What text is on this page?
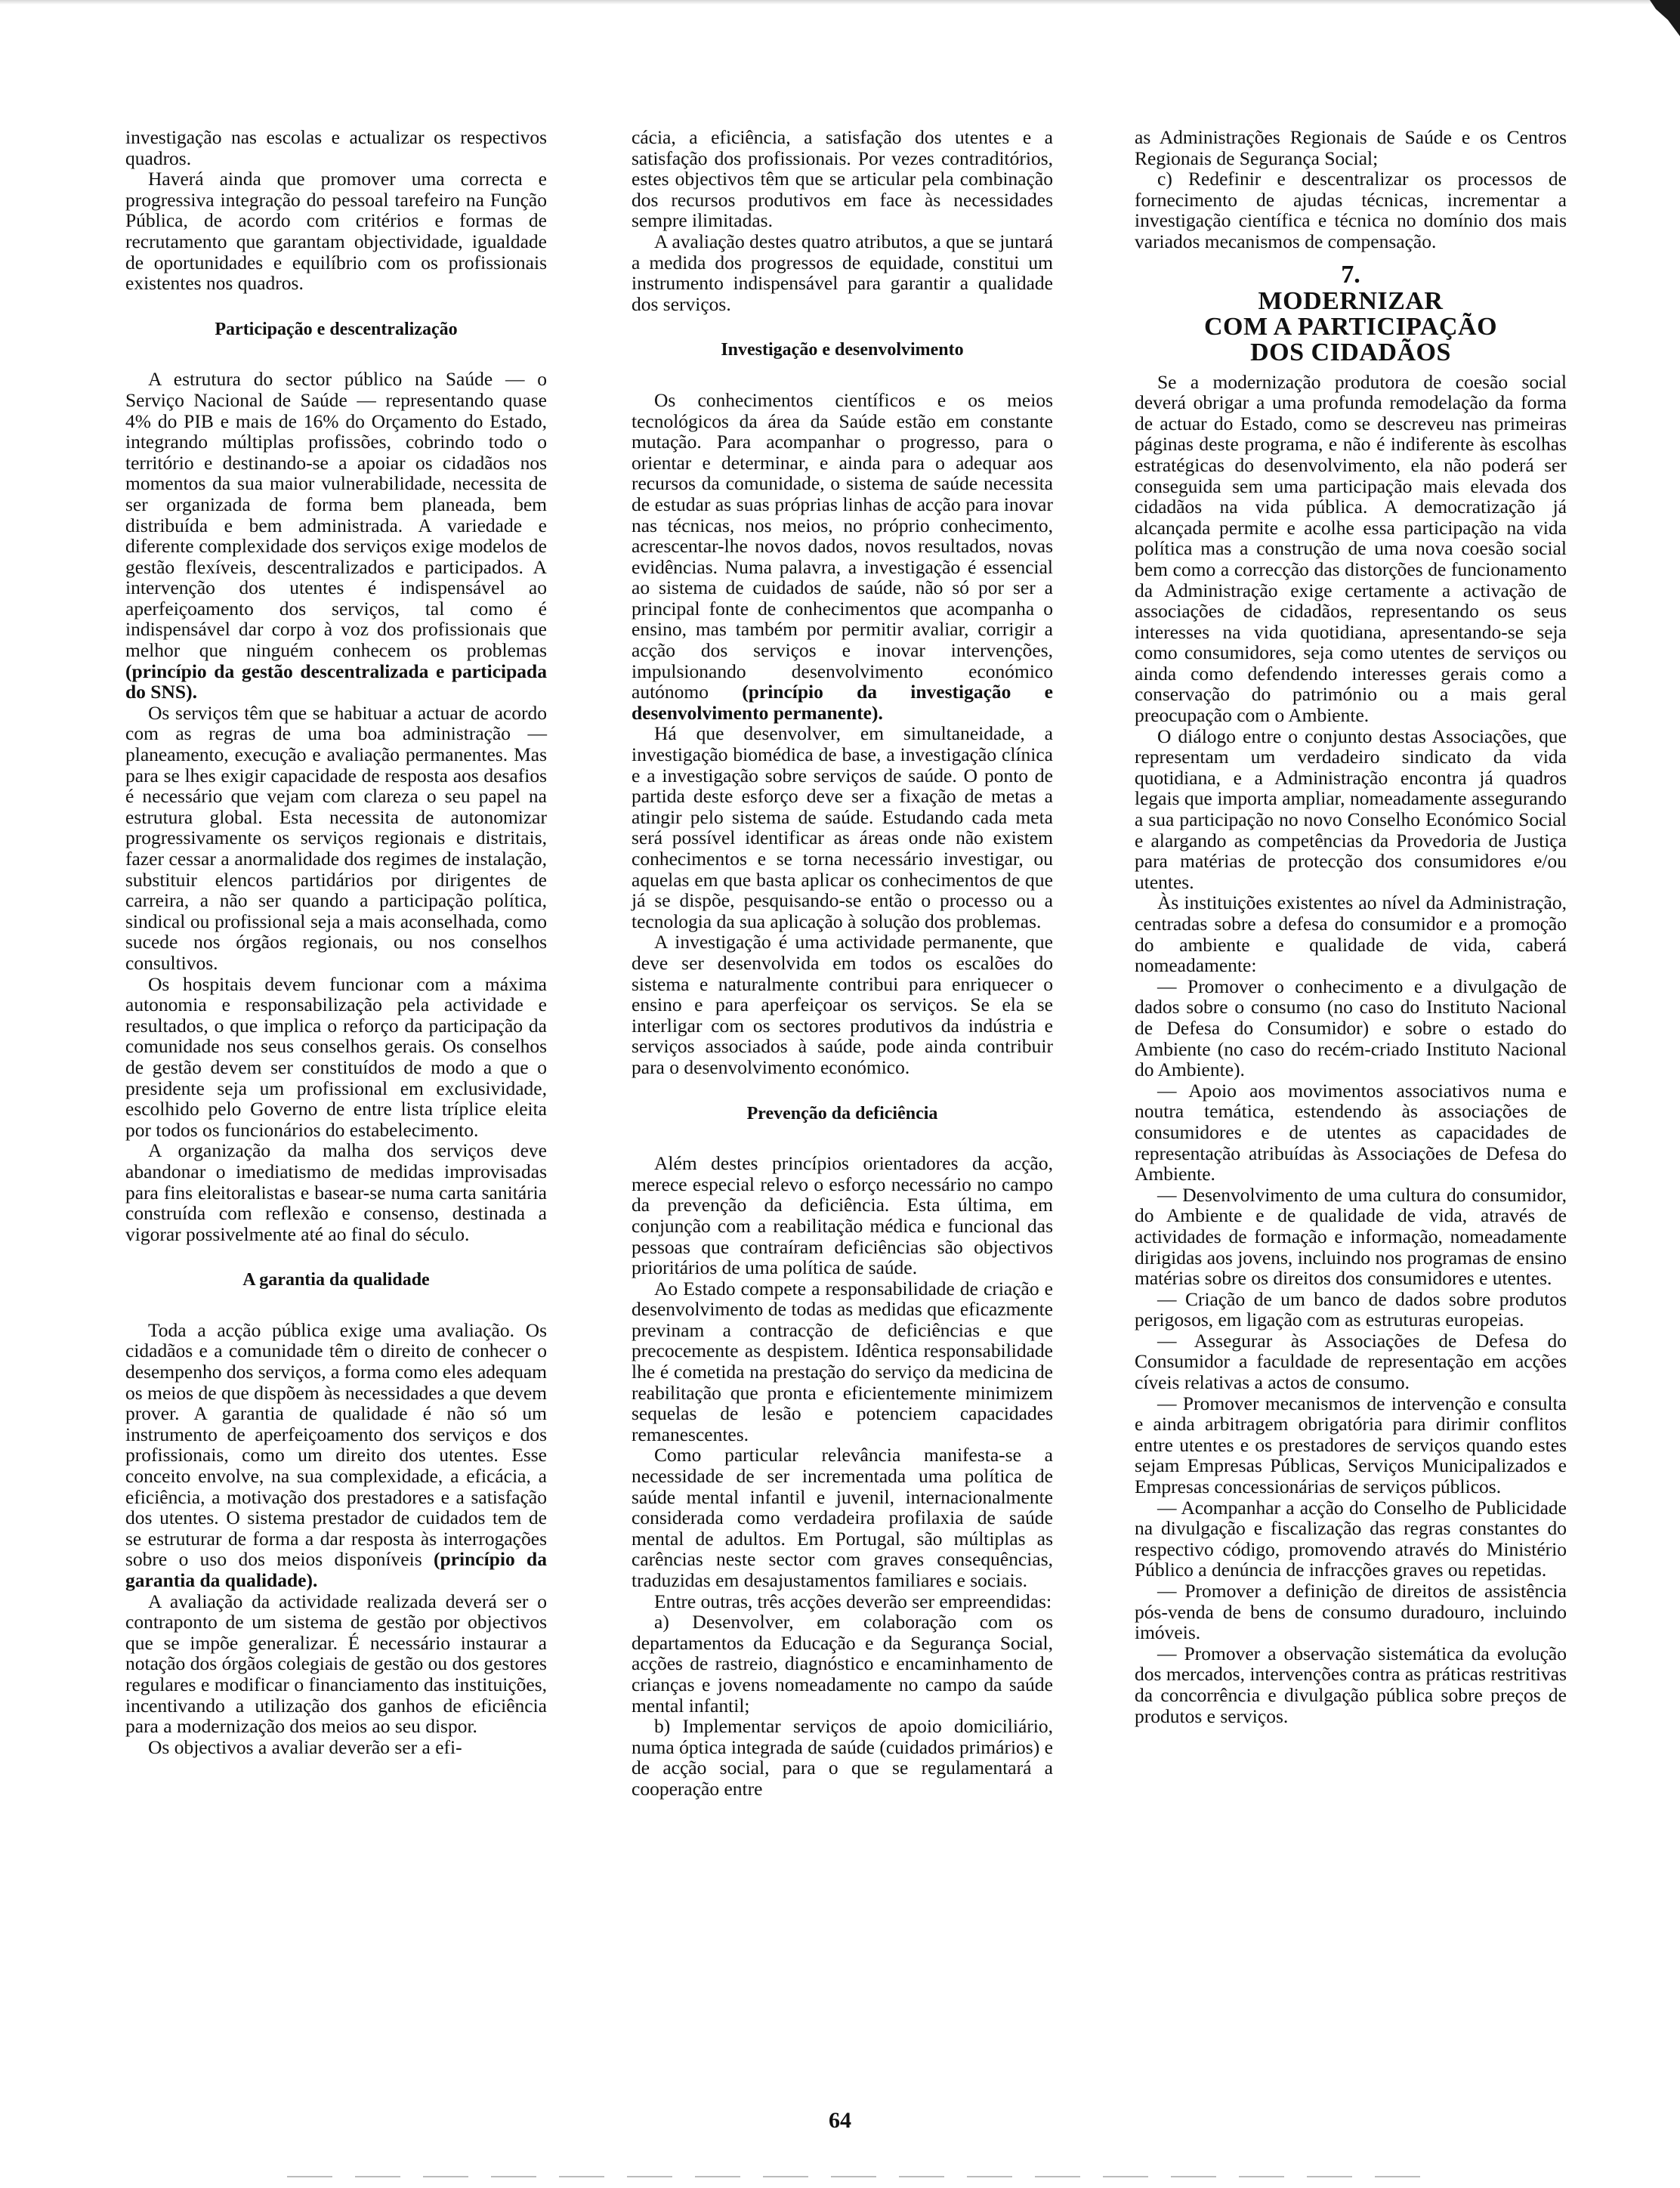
investigação nas escolas e actualizar os respectivos quadros.

Haverá ainda que promover uma correcta e progressiva integração do pessoal tarefeiro na Função Pública, de acordo com critérios e formas de recrutamento que garantam objectividade, igualdade de oportunidades e equilíbrio com os profissionais existentes nos quadros.

Participação e descentralização

A estrutura do sector público na Saúde — o Serviço Nacional de Saúde — representando quase 4% do PIB e mais de 16% do Orçamento do Estado, integrando múltiplas profissões, cobrindo todo o território e destinando-se a apoiar os cidadãos nos momentos da sua maior vulnerabilidade, necessita de ser organizada de forma bem planeada, bem distribuída e bem administrada. A variedade e diferente complexidade dos serviços exige modelos de gestão flexíveis, descentralizados e participados. A intervenção dos utentes é indispensável ao aperfeiçoamento dos serviços, tal como é indispensável dar corpo à voz dos profissionais que melhor que ninguém conhecem os problemas (princípio da gestão descentralizada e participada do SNS).

Os serviços têm que se habituar a actuar de acordo com as regras de uma boa administração — planeamento, execução e avaliação permanentes. Mas para se lhes exigir capacidade de resposta aos desafios é necessário que vejam com clareza o seu papel na estrutura global. Esta necessita de autonomizar progressivamente os serviços regionais e distritais, fazer cessar a anormalidade dos regimes de instalação, substituir elencos partidários por dirigentes de carreira, a não ser quando a participação política, sindical ou profissional seja a mais aconselhada, como sucede nos órgãos regionais, ou nos conselhos consultivos.

Os hospitais devem funcionar com a máxima autonomia e responsabilização pela actividade e resultados, o que implica o reforço da participação da comunidade nos seus conselhos gerais. Os conselhos de gestão devem ser constituídos de modo a que o presidente seja um profissional em exclusividade, escolhido pelo Governo de entre lista tríplice eleita por todos os funcionários do estabelecimento.

A organização da malha dos serviços deve abandonar o imediatismo de medidas improvisadas para fins eleitoralistas e basear-se numa carta sanitária construída com reflexão e consenso, destinada a vigorar possivelmente até ao final do século.

A garantia da qualidade

Toda a acção pública exige uma avaliação. Os cidadãos e a comunidade têm o direito de conhecer o desempenho dos serviços, a forma como eles adequam os meios de que dispõem às necessidades a que devem prover. A garantia de qualidade é não só um instrumento de aperfeiçoamento dos serviços e dos profissionais, como um direito dos utentes. Esse conceito envolve, na sua complexidade, a eficácia, a eficiência, a motivação dos prestadores e a satisfação dos utentes. O sistema prestador de cuidados tem de se estruturar de forma a dar resposta às interrogações sobre o uso dos meios disponíveis (princípio da garantia da qualidade).

A avaliação da actividade realizada deverá ser o contraponto de um sistema de gestão por objectivos que se impõe generalizar. É necessário instaurar a notação dos órgãos colegiais de gestão ou dos gestores regulares e modificar o financiamento das instituições, incentivando a utilização dos ganhos de eficiência para a modernização dos meios ao seu dispor.

Os objectivos a avaliar deverão ser a efi-

cácia, a eficiência, a satisfação dos utentes e a satisfação dos profissionais. Por vezes contraditórios, estes objectivos têm que se articular pela combinação dos recursos produtivos em face às necessidades sempre ilimitadas.

A avaliação destes quatro atributos, a que se juntará a medida dos progressos de equidade, constitui um instrumento indispensável para garantir a qualidade dos serviços.

Investigação e desenvolvimento

Os conhecimentos científicos e os meios tecnológicos da área da Saúde estão em constante mutação. Para acompanhar o progresso, para o orientar e determinar, e ainda para o adequar aos recursos da comunidade, o sistema de saúde necessita de estudar as suas próprias linhas de acção para inovar nas técnicas, nos meios, no próprio conhecimento, acrescentar-lhe novos dados, novos resultados, novas evidências. Numa palavra, a investigação é essencial ao sistema de cuidados de saúde, não só por ser a principal fonte de conhecimentos que acompanha o ensino, mas também por permitir avaliar, corrigir a acção dos serviços e inovar intervenções, impulsionando desenvolvimento económico autónomo (princípio da investigação e desenvolvimento permanente).

Há que desenvolver, em simultaneidade, a investigação biomédica de base, a investigação clínica e a investigação sobre serviços de saúde. O ponto de partida deste esforço deve ser a fixação de metas a atingir pelo sistema de saúde. Estudando cada meta será possível identificar as áreas onde não existem conhecimentos e se torna necessário investigar, ou aquelas em que basta aplicar os conhecimentos de que já se dispõe, pesquisando-se então o processo ou a tecnologia da sua aplicação à solução dos problemas.

A investigação é uma actividade permanente, que deve ser desenvolvida em todos os escalões do sistema e naturalmente contribui para enriquecer o ensino e para aperfeiçoar os serviços. Se ela se interligar com os sectores produtivos da indústria e serviços associados à saúde, pode ainda contribuir para o desenvolvimento económico.

Prevenção da deficiência

Além destes princípios orientadores da acção, merece especial relevo o esforço necessário no campo da prevenção da deficiência. Esta última, em conjunção com a reabilitação médica e funcional das pessoas que contraíram deficiências são objectivos prioritários de uma política de saúde.

Ao Estado compete a responsabilidade de criação e desenvolvimento de todas as medidas que eficazmente previnam a contracção de deficiências e que precocemente as despistem. Idêntica responsabilidade lhe é cometida na prestação do serviço da medicina de reabilitação que pronta e eficientemente minimizem sequelas de lesão e potenciem capacidades remanescentes.

Como particular relevância manifesta-se a necessidade de ser incrementada uma política de saúde mental infantil e juvenil, internacionalmente considerada como verdadeira profilaxia de saúde mental de adultos. Em Portugal, são múltiplas as carências neste sector com graves consequências, traduzidas em desajustamentos familiares e sociais.

Entre outras, três acções deverão ser empreendidas:

a) Desenvolver, em colaboração com os departamentos da Educação e da Segurança Social, acções de rastreio, diagnóstico e encaminhamento de crianças e jovens nomeadamente no campo da saúde mental infantil;

b) Implementar serviços de apoio domiciliário, numa óptica integrada de saúde (cuidados primários) e de acção social, para o que se regulamentará a cooperação entre

as Administrações Regionais de Saúde e os Centros Regionais de Segurança Social;

c) Redefinir e descentralizar os processos de fornecimento de ajudas técnicas, incrementar a investigação científica e técnica no domínio dos mais variados mecanismos de compensação.

7.
MODERNIZAR
COM A PARTICIPAÇÃO
DOS CIDADÃOS

Se a modernização produtora de coesão social deverá obrigar a uma profunda remodelação da forma de actuar do Estado, como se descreveu nas primeiras páginas deste programa, e não é indiferente às escolhas estratégicas do desenvolvimento, ela não poderá ser conseguida sem uma participação mais elevada dos cidadãos na vida pública. A democratização já alcançada permite e acolhe essa participação na vida política mas a construção de uma nova coesão social bem como a correcção das distorções de funcionamento da Administração exige certamente a activação de associações de cidadãos, representando os seus interesses na vida quotidiana, apresentando-se seja como consumidores, seja como utentes de serviços ou ainda como defendendo interesses gerais como a conservação do património ou a mais geral preocupação com o Ambiente.

O diálogo entre o conjunto destas Associações, que representam um verdadeiro sindicato da vida quotidiana, e a Administração encontra já quadros legais que importa ampliar, nomeadamente assegurando a sua participação no novo Conselho Económico Social e alargando as competências da Provedoria de Justiça para matérias de protecção dos consumidores e/ou utentes.

Às instituições existentes ao nível da Administração, centradas sobre a defesa do consumidor e a promoção do ambiente e qualidade de vida, caberá nomeadamente:

— Promover o conhecimento e a divulgação de dados sobre o consumo (no caso do Instituto Nacional de Defesa do Consumidor) e sobre o estado do Ambiente (no caso do recém-criado Instituto Nacional do Ambiente).

— Apoio aos movimentos associativos numa e noutra temática, estendendo às associações de consumidores e de utentes as capacidades de representação atribuídas às Associações de Defesa do Ambiente.

— Desenvolvimento de uma cultura do consumidor, do Ambiente e de qualidade de vida, através de actividades de formação e informação, nomeadamente dirigidas aos jovens, incluindo nos programas de ensino matérias sobre os direitos dos consumidores e utentes.

— Criação de um banco de dados sobre produtos perigosos, em ligação com as estruturas europeias.

— Assegurar às Associações de Defesa do Consumidor a faculdade de representação em acções cíveis relativas a actos de consumo.

— Promover mecanismos de intervenção e consulta e ainda arbitragem obrigatória para dirimir conflitos entre utentes e os prestadores de serviços quando estes sejam Empresas Públicas, Serviços Municipalizados e Empresas concessionárias de serviços públicos.

— Acompanhar a acção do Conselho de Publicidade na divulgação e fiscalização das regras constantes do respectivo código, promovendo através do Ministério Público a denúncia de infracções graves ou repetidas.

— Promover a definição de direitos de assistência pós-venda de bens de consumo duradouro, incluindo imóveis.

— Promover a observação sistemática da evolução dos mercados, intervenções contra as práticas restritivas da concorrência e divulgação pública sobre preços de produtos e serviços.

64
